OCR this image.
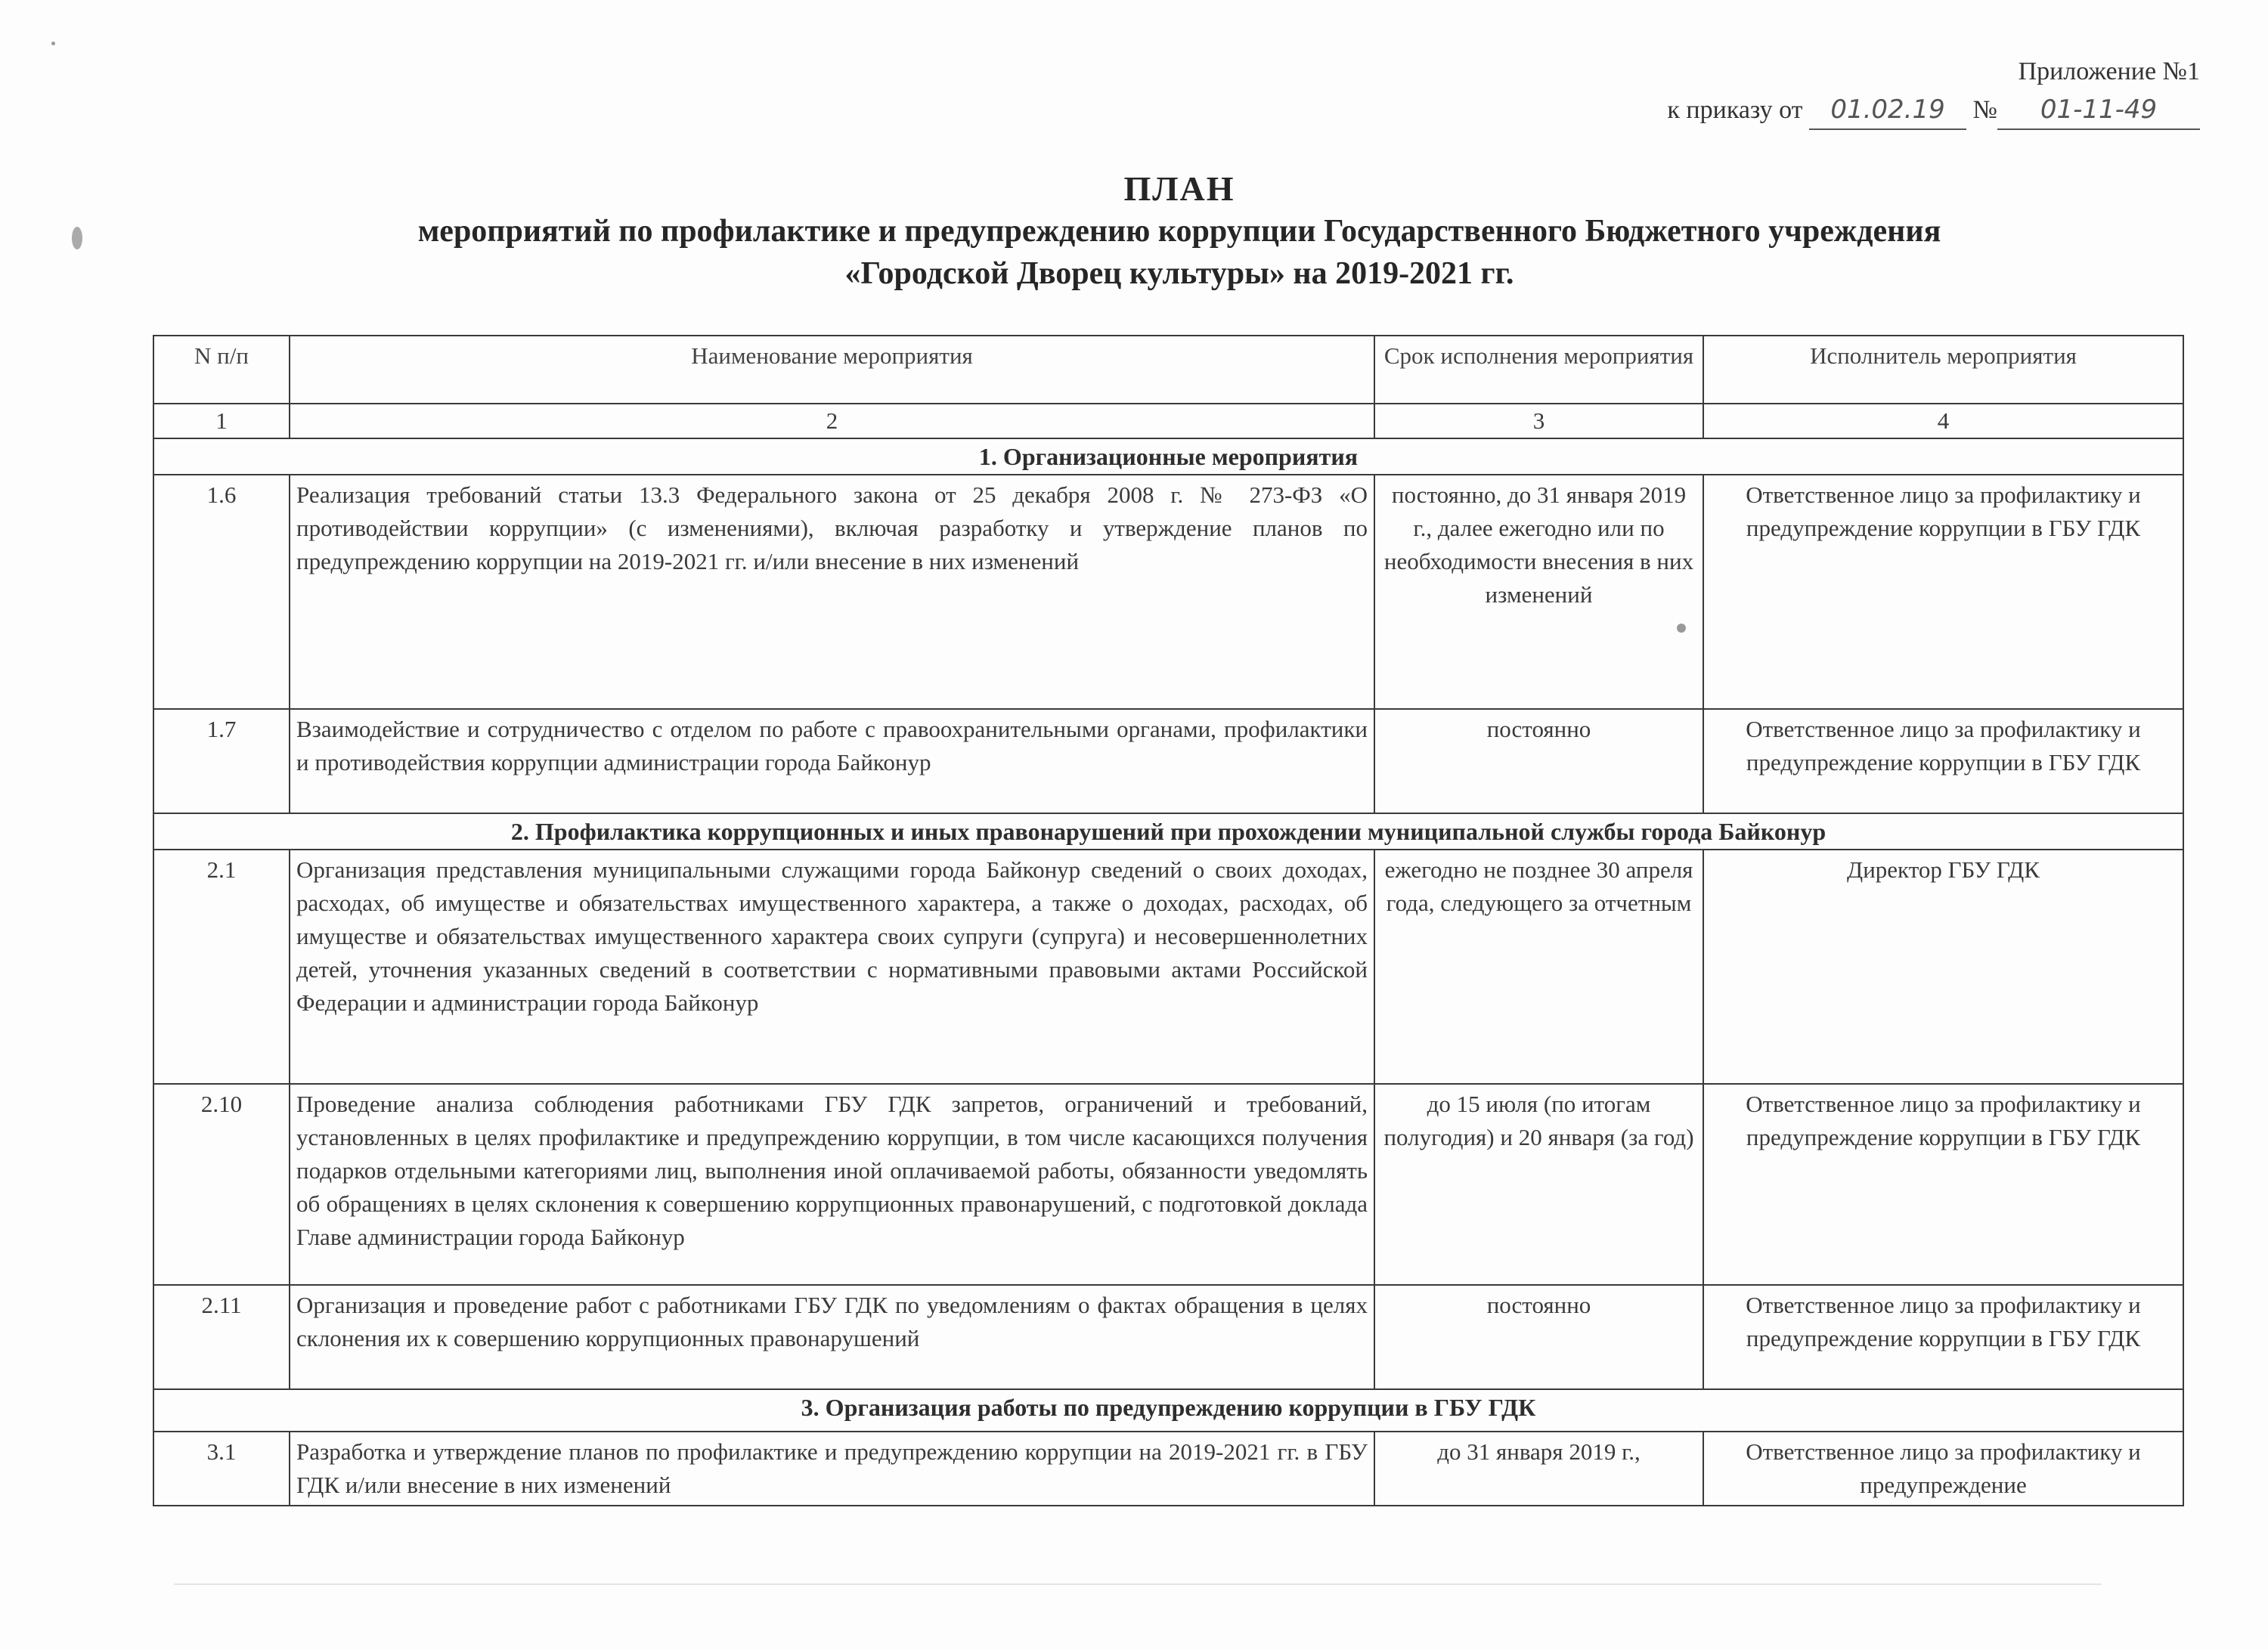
Приложение №1
к приказу от 01.02.19 № 01-11-49
ПЛАН
мероприятий по профилактике и предупреждению коррупции Государственного Бюджетного учреждения
«Городской Дворец культуры» на 2019-2021 гг.
N п/п	Наименование мероприятия	Срок исполнения мероприятия	Исполнитель мероприятия
1	2	3	4
1. Организационные мероприятия			
1.6	Реализация требований статьи 13.3 Федерального закона от 25 декабря 2008 г. № 273-ФЗ «О противодействии коррупции» (с изменениями), включая разработку и утверждение планов по предупреждению коррупции на 2019-2021 гг. и/или внесение в них изменений	постоянно, до 31 января 2019 г., далее ежегодно или по необходимости внесения в них изменений	Ответственное лицо за профилактику и предупреждение коррупции в ГБУ ГДК
1.7	Взаимодействие и сотрудничество с отделом по работе с правоохранительными органами, профилактики и противодействия коррупции администрации города Байконур	постоянно	Ответственное лицо за профилактику и предупреждение коррупции в ГБУ ГДК
2. Профилактика коррупционных и иных правонарушений при прохождении муниципальной службы города Байконур			
2.1	Организация представления муниципальными служащими города Байконур сведений о своих доходах, расходах, об имуществе и обязательствах имущественного характера, а также о доходах, расходах, об имуществе и обязательствах имущественного характера своих супруги (супруга) и несовершеннолетних детей, уточнения указанных сведений в соответствии с нормативными правовыми актами Российской Федерации и администрации города Байконур	ежегодно не позднее 30 апреля года, следующего за отчетным	Директор ГБУ ГДК
2.10	Проведение анализа соблюдения работниками ГБУ ГДК запретов, ограничений и требований, установленных в целях профилактике и предупреждению коррупции, в том числе касающихся получения подарков отдельными категориями лиц, выполнения иной оплачиваемой работы, обязанности уведомлять об обращениях в целях склонения к совершению коррупционных правонарушений, с подготовкой доклада Главе администрации города Байконур	до 15 июля (по итогам полугодия) и 20 января (за год)	Ответственное лицо за профилактику и предупреждение коррупции в ГБУ ГДК
2.11	Организация и проведение работ с работниками ГБУ ГДК по уведомлениям о фактах обращения в целях склонения их к совершению коррупционных правонарушений	постоянно	Ответственное лицо за профилактику и предупреждение коррупции в ГБУ ГДК
3. Организация работы по предупреждению коррупции в ГБУ ГДК			
3.1	Разработка и утверждение планов по профилактике и предупреждению коррупции на 2019-2021 гг. в ГБУ ГДК и/или внесение в них изменений	до 31 января 2019 г.,	Ответственное лицо за профилактику и предупреждение
